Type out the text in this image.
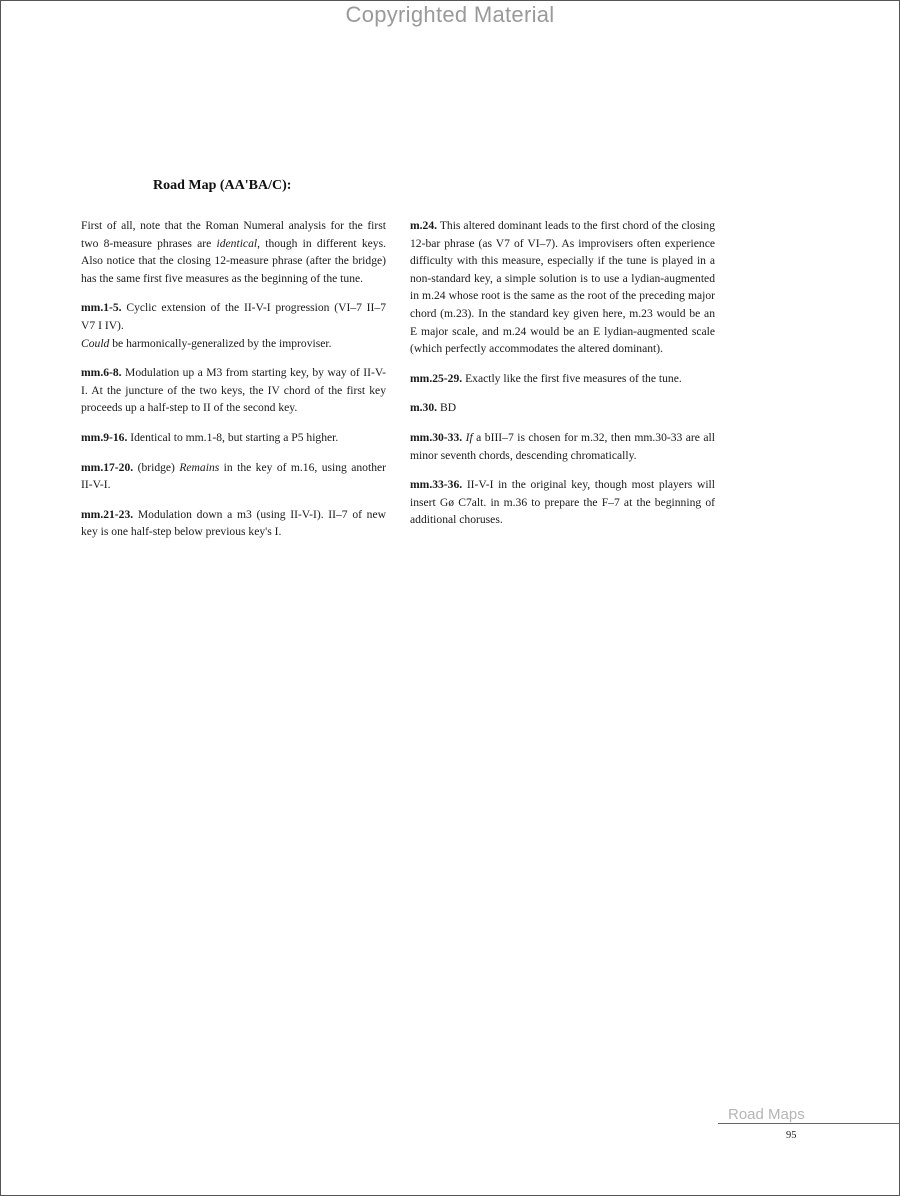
Copyrighted Material
Road Map (AA'BA/C):

First of all, note that the Roman Numeral analysis for the first two 8-measure phrases are identical, though in different keys. Also notice that the closing 12-measure phrase (after the bridge) has the same first five measures as the beginning of the tune.

mm.1-5. Cyclic extension of the II-V-I progression (VI–7 II–7 V7 I IV).
Could be harmonically-generalized by the improviser.

mm.6-8. Modulation up a M3 from starting key, by way of II-V-I. At the juncture of the two keys, the IV chord of the first key proceeds up a half-step to II of the second key.

mm.9-16. Identical to mm.1-8, but starting a P5 higher.

mm.17-20. (bridge) Remains in the key of m.16, using another II-V-I.

mm.21-23. Modulation down a m3 (using II-V-I). II–7 of new key is one half-step below previous key's I.

m.24. This altered dominant leads to the first chord of the closing 12-bar phrase (as V7 of VI–7). As improvisers often experience difficulty with this measure, especially if the tune is played in a non-standard key, a simple solution is to use a lydian-augmented in m.24 whose root is the same as the root of the preceding major chord (m.23). In the standard key given here, m.23 would be an E major scale, and m.24 would be an E lydian-augmented scale (which perfectly accommodates the altered dominant).

mm.25-29. Exactly like the first five measures of the tune.

m.30. BD

mm.30-33. If a bIII–7 is chosen for m.32, then mm.30-33 are all minor seventh chords, descending chromatically.

mm.33-36. II-V-I in the original key, though most players will insert Gø C7alt. in m.36 to prepare the F–7 at the beginning of additional choruses.

Road Maps
95
